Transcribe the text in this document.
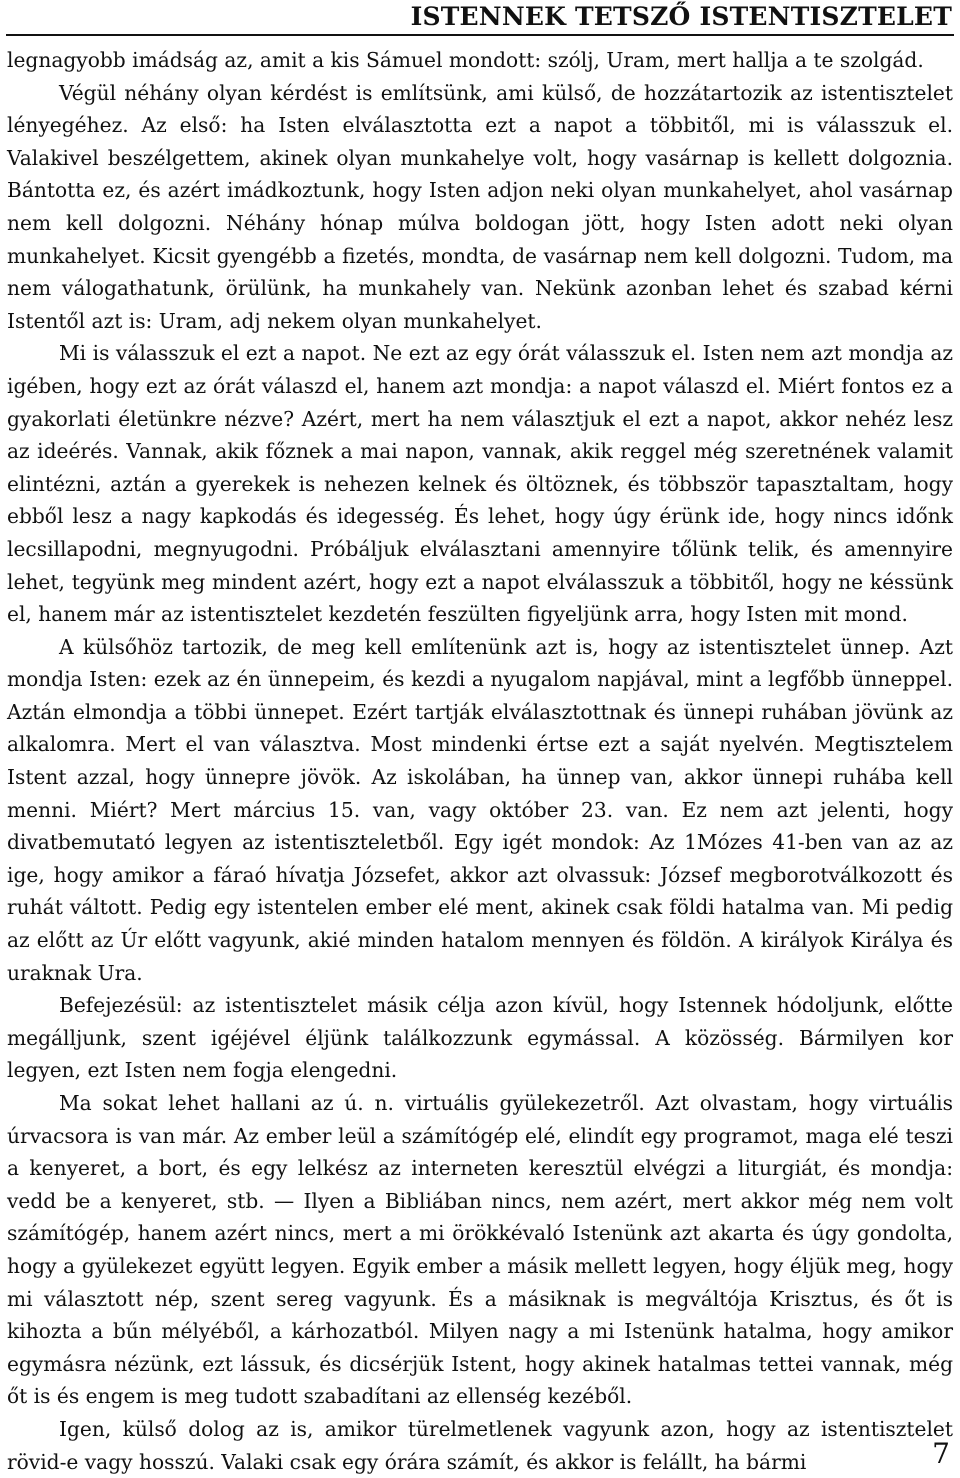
ISTENNEK TETSZŐ ISTENTISZTELET

legnagyobb imádság az, amit a kis Sámuel mondott: szólj, Uram, mert hallja a te szolgád.

Végül néhány olyan kérdést is említsünk, ami külső, de hozzátartozik az istentisztelet lényegéhez. Az első: ha Isten elválasztotta ezt a napot a többitől, mi is válasszuk el. Valakivel beszélgettem, akinek olyan munkahelye volt, hogy vasárnap is kellett dolgoznia. Bántotta ez, és azért imádkoztunk, hogy Isten adjon neki olyan munkahelyet, ahol vasárnap nem kell dolgozni. Néhány hónap múlva boldogan jött, hogy Isten adott neki olyan munkahelyet. Kicsit gyengébb a fizetés, mondta, de vasárnap nem kell dolgozni. Tudom, ma nem válogathatunk, örülünk, ha munkahely van. Nekünk azonban lehet és szabad kérni Istentől azt is: Uram, adj nekem olyan munkahelyet.

Mi is válasszuk el ezt a napot. Ne ezt az egy órát válasszuk el. Isten nem azt mondja az igében, hogy ezt az órát válaszd el, hanem azt mondja: a napot válaszd el. Miért fontos ez a gyakorlati életünkre nézve? Azért, mert ha nem választjuk el ezt a napot, akkor nehéz lesz az ideérés. Vannak, akik főznek a mai napon, vannak, akik reggel még szeretnének valamit elintézni, aztán a gyerekek is nehezen kelnek és öltöznek, és többször tapasztaltam, hogy ebből lesz a nagy kapkodás és idegesség. És lehet, hogy úgy érünk ide, hogy nincs időnk lecsillapodni, megnyugodni. Próbáljuk elválasztani amennyire tőlünk telik, és amennyire lehet, tegyünk meg mindent azért, hogy ezt a napot elválasszuk a többitől, hogy ne késsünk el, hanem már az istentisztelet kezdetén feszülten figyeljünk arra, hogy Isten mit mond.

A külsőhöz tartozik, de meg kell említenünk azt is, hogy az istentisztelet ünnep. Azt mondja Isten: ezek az én ünnepeim, és kezdi a nyugalom napjával, mint a legfőbb ünneppel. Aztán elmondja a többi ünnepet. Ezért tartják elválasztottnak és ünnepi ruhában jövünk az alkalomra. Mert el van választva. Most mindenki értse ezt a saját nyelvén. Megtisztelem Istent azzal, hogy ünnepre jövök. Az iskolában, ha ünnep van, akkor ünnepi ruhába kell menni. Miért? Mert március 15. van, vagy október 23. van. Ez nem azt jelenti, hogy divatbemutató legyen az istentiszteletből. Egy igét mondok: Az 1Mózes 41-ben van az az ige, hogy amikor a fáraó hívatja Józsefet, akkor azt olvassuk: József megborotválkozott és ruhát váltott. Pedig egy istentelen ember elé ment, akinek csak földi hatalma van. Mi pedig az előtt az Úr előtt vagyunk, akié minden hatalom mennyen és földön. A királyok Királya és uraknak Ura.

Befejezésül: az istentisztelet másik célja azon kívül, hogy Istennek hódoljunk, előtte megálljunk, szent igéjével éljünk találkozzunk egymással. A közösség. Bármilyen kor legyen, ezt Isten nem fogja elengedni.

Ma sokat lehet hallani az ú. n. virtuális gyülekezetről. Azt olvastam, hogy virtuális úrvacsora is van már. Az ember leül a számítógép elé, elindít egy programot, maga elé teszi a kenyeret, a bort, és egy lelkész az interneten keresztül elvégzi a liturgiát, és mondja: vedd be a kenyeret, stb. — Ilyen a Bibliában nincs, nem azért, mert akkor még nem volt számítógép, hanem azért nincs, mert a mi örökkévaló Istenünk azt akarta és úgy gondolta, hogy a gyülekezet együtt legyen. Egyik ember a másik mellett legyen, hogy éljük meg, hogy mi választott nép, szent sereg vagyunk. És a másiknak is megváltója Krisztus, és őt is kihozta a bűn mélyéből, a kárhozatból. Milyen nagy a mi Istenünk hatalma, hogy amikor egymásra nézünk, ezt lássuk, és dicsérjük Istent, hogy akinek hatalmas tettei vannak, még őt is és engem is meg tudott szabadítani az ellenség kezéből.

Igen, külső dolog az is, amikor türelmetlenek vagyunk azon, hogy az istentisztelet rövid-e vagy hosszú. Valaki csak egy órára számít, és akkor is felállt, ha bármi	7
